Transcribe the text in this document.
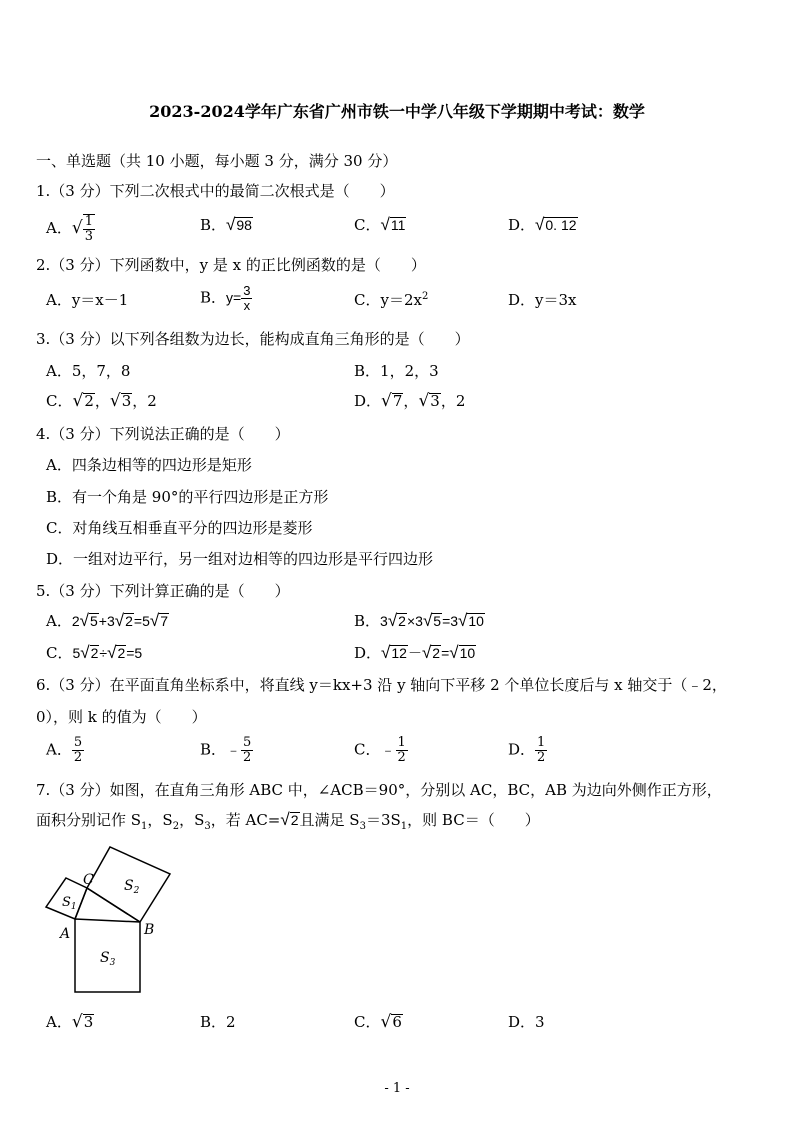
2023-2024学年广东省广州市铁一中学八年级下学期期中考试：数学
一、单选题（共 10 小题，每小题 3 分，满分 30 分）
1.（3 分）下列二次根式中的最简二次根式是（　　）
A．√ $\frac{1}{3}$	B．√98	C．√11	D．√0. 12
2.（3 分）下列函数中，y 是 x 的正比例函数的是（　　）
A．y＝x－1	B．$y= \frac{3}{x}$	C．$y=2x^2$	D．y＝3x
3.（3 分）以下列各组数为边长，能构成直角三角形的是（　　）
A．5，7，8	B．1，2，3
C．√2，√3，2	D．√7，√3，2
4.（3 分）下列说法正确的是（　　）
A．四条边相等的四边形是矩形
B．有一个角是 90°的平行四边形是正方形
C．对角线互相垂直平分的四边形是菱形
D．一组对边平行，另一组对边相等的四边形是平行四边形
5.（3 分）下列计算正确的是（　　）
A．2√5+3√2=5√7	B．3√2×3√5=3√10
C．5√2÷√2=5	D．√12－√2=√10
6.（3 分）在平面直角坐标系中，将直线 y＝kx+3 沿 y 轴向下平移 2 个单位长度后与 x 轴交于（﹣2，
0），则 k 的值为（　　）
A． $\frac{5}{2}$	B．﹣ $\frac{5}{2}$	C．﹣ $\frac{1}{2}$	D． $\frac{1}{2}$
7.（3 分）如图，在直角三角形 ABC 中，∠ACB＝90°，分别以 AC，BC，AB 为边向外侧作正方形，
面积分别记作 $S_1$，$S_2$，$S_3$，若 AC=√2且满足 $S_3=3S_1$，则 BC＝（　　）
C
A	B
$S_1$
$S_2$
$S_3$
A．√3	B．2	C．√6	D．3
- 1 -
